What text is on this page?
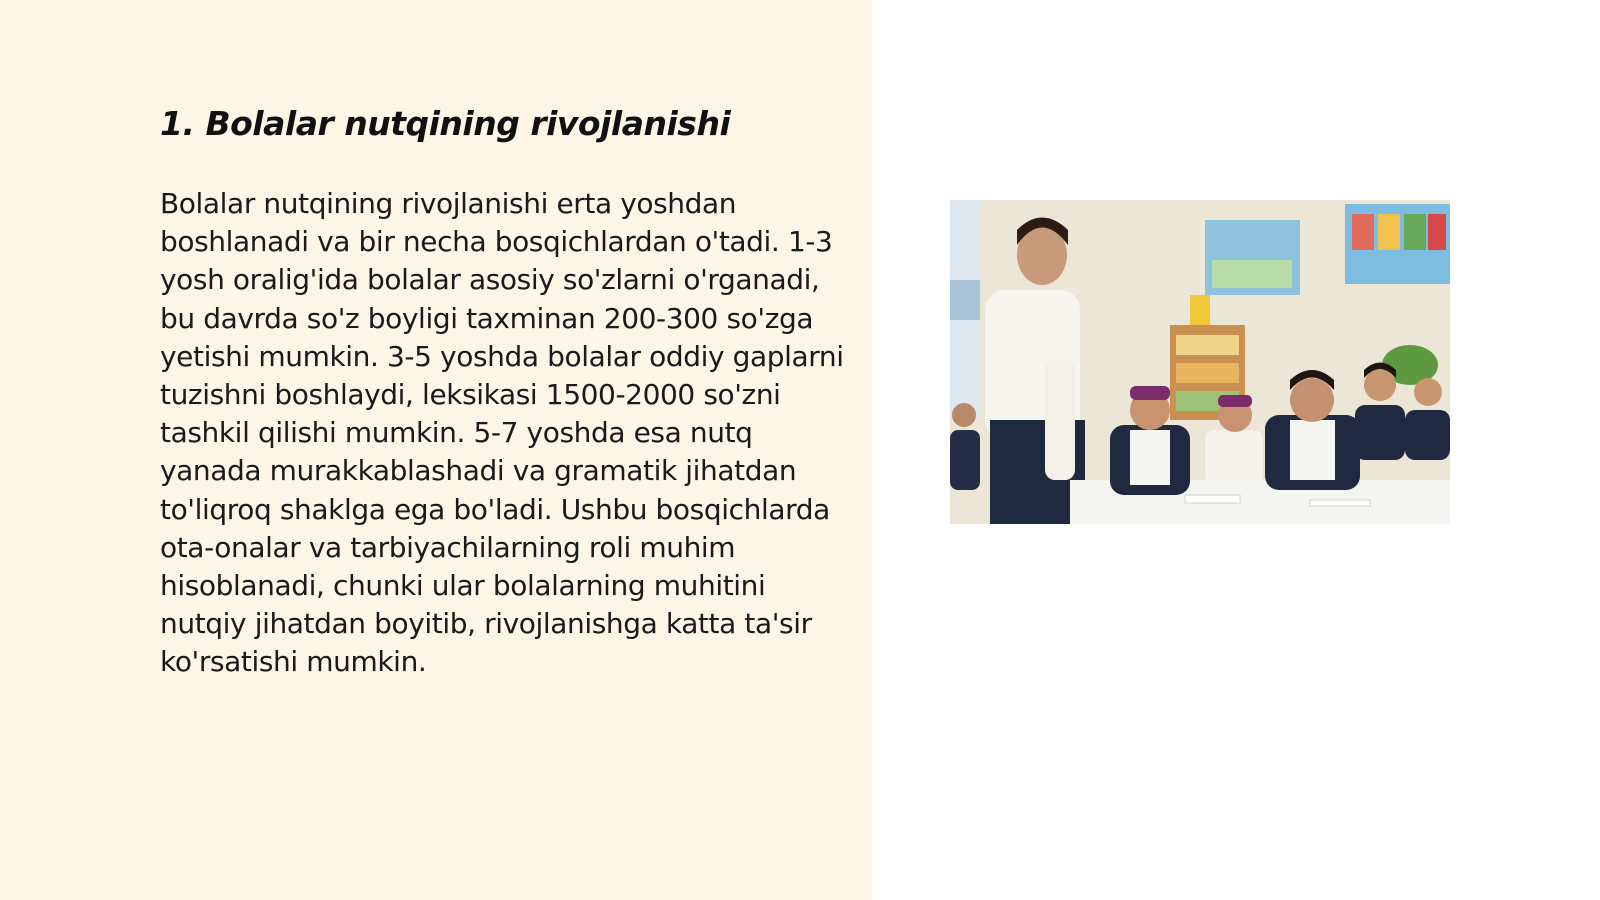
1. Bolalar nutqining rivojlanishi

Bolalar nutqining rivojlanishi erta yoshdan boshlanadi va bir necha bosqichlardan o'tadi. 1-3 yosh oralig'ida bolalar asosiy so'zlarni o'rganadi, bu davrda so'z boyligi taxminan 200-300 so'zga yetishi mumkin. 3-5 yoshda bolalar oddiy gaplarni tuzishni boshlaydi, leksikasi 1500-2000 so'zni tashkil qilishi mumkin. 5-7 yoshda esa nutq yanada murakkablashadi va gramatik jihatdan to'liqroq shaklga ega bo'ladi. Ushbu bosqichlarda ota-onalar va tarbiyachilarning roli muhim hisoblanadi, chunki ular bolalarning muhitini nutqiy jihatdan boyitib, rivojlanishga katta ta'sir ko'rsatishi mumkin.
